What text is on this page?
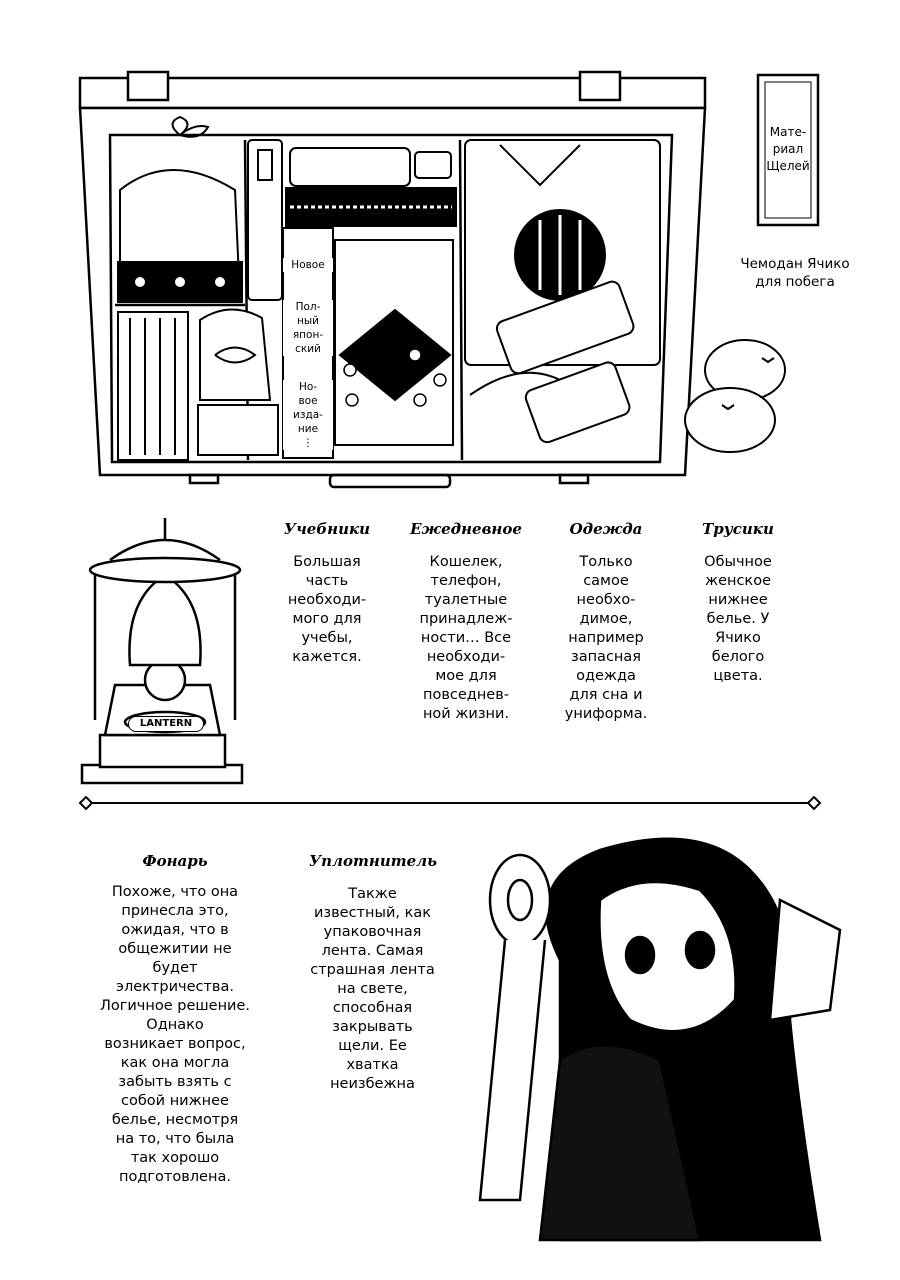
Мате-
риал
Щелей
Чемодан Ячико
для побега
Новое
Пол-
ный
япон-
ский
Но-
вое
изда-
ние
⋮
LANTERN
Учебники
Большая
часть
необходи-
мого для
учебы,
кажется.
Ежедневное
Кошелек,
телефон,
туалетные
принадлеж-
ности… Все
необходи-
мое для
повседнев-
ной жизни.
Одежда
Только
самое
необхо-
димое,
например
запасная
одежда
для сна и
униформа.
Трусики
Обычное
женское
нижнее
белье. У
Ячико
белого
цвета.
Фонарь
Похоже, что она
принесла это,
ожидая, что в
общежитии не
будет
электричества.
Логичное решение.
Однако
возникает вопрос,
как она могла
забыть взять с
собой нижнее
белье, несмотря
на то, что была
так хорошо
подготовлена.
Уплотнитель
Также
известный, как
упаковочная
лента. Самая
страшная лента
на свете,
способная
закрывать
щели. Ее
хватка
неизбежна
